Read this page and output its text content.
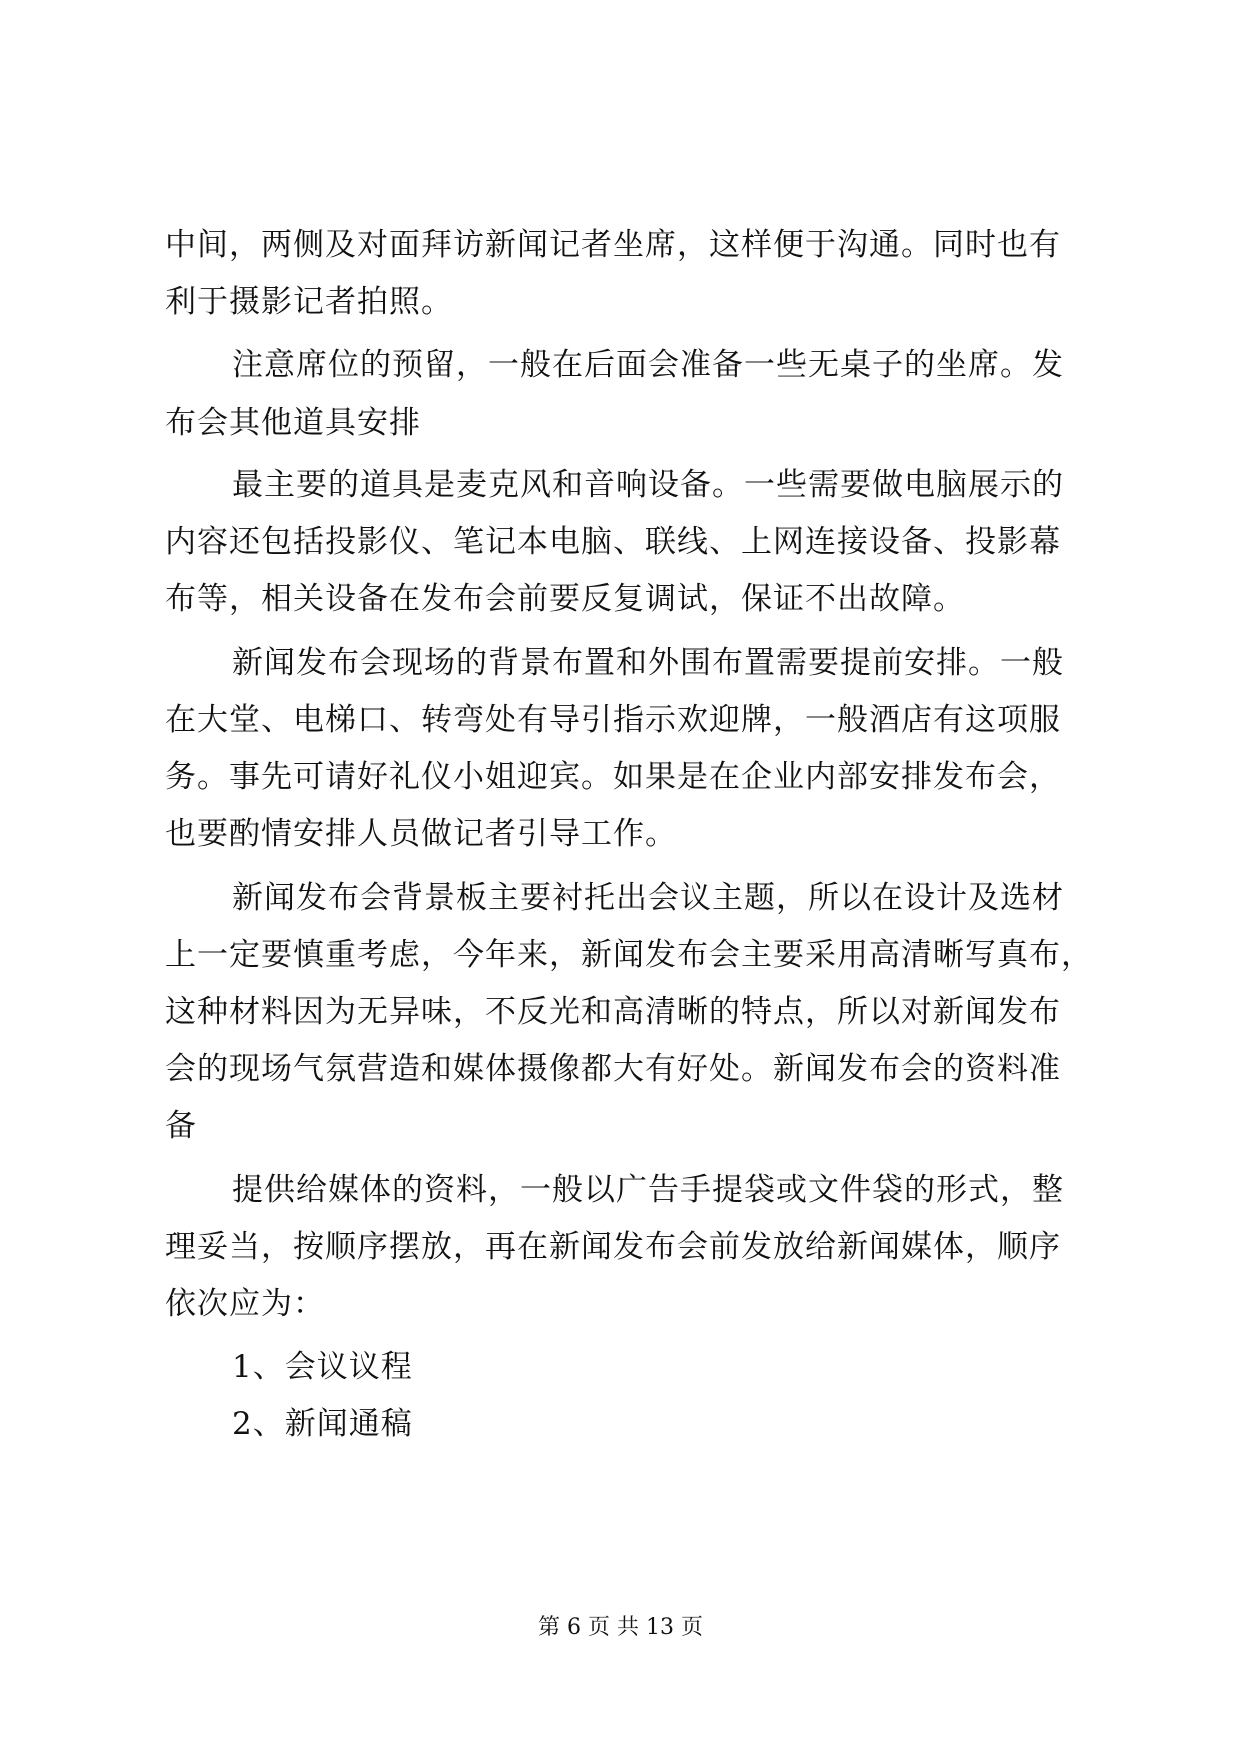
中间，两侧及对面拜访新闻记者坐席，这样便于沟通。同时也有
利于摄影记者拍照。
注意席位的预留，一般在后面会准备一些无桌子的坐席。发
布会其他道具安排
最主要的道具是麦克风和音响设备。一些需要做电脑展示的
内容还包括投影仪、笔记本电脑、联线、上网连接设备、投影幕
布等，相关设备在发布会前要反复调试，保证不出故障。
新闻发布会现场的背景布置和外围布置需要提前安排。一般
在大堂、电梯口、转弯处有导引指示欢迎牌，一般酒店有这项服
务。事先可请好礼仪小姐迎宾。如果是在企业内部安排发布会，
也要酌情安排人员做记者引导工作。
新闻发布会背景板主要衬托出会议主题，所以在设计及选材
上一定要慎重考虑，今年来，新闻发布会主要采用高清晰写真布，
这种材料因为无异味，不反光和高清晰的特点，所以对新闻发布
会的现场气氛营造和媒体摄像都大有好处。新闻发布会的资料准
备
提供给媒体的资料，一般以广告手提袋或文件袋的形式，整
理妥当，按顺序摆放，再在新闻发布会前发放给新闻媒体，顺序
依次应为：
1、会议议程
2、新闻通稿
第 6 页 共 13 页
